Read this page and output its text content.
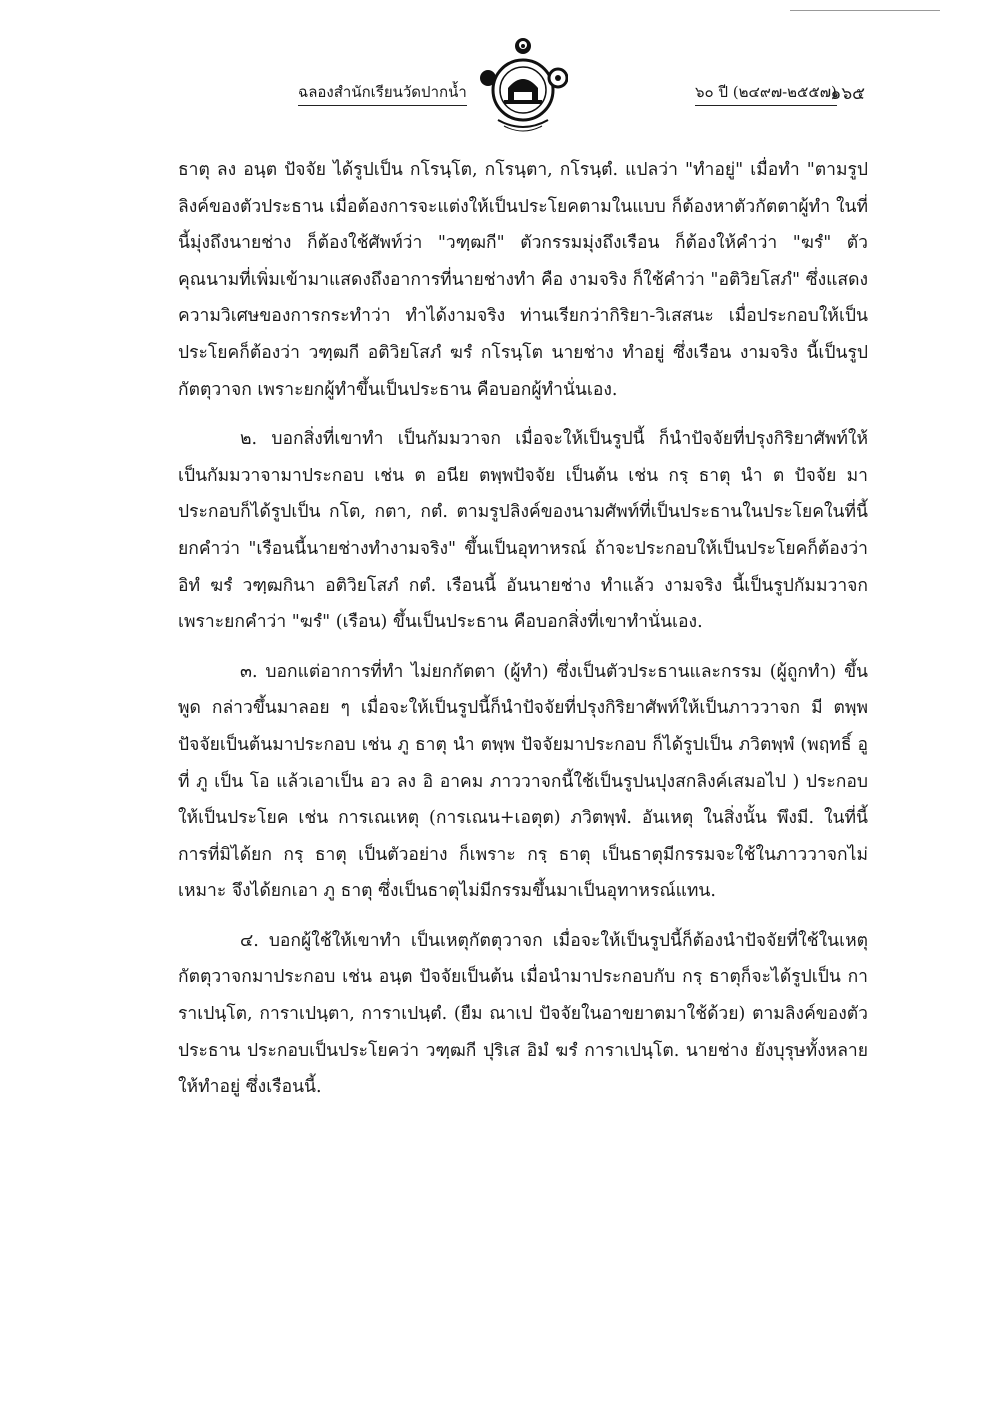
ฉลองสำนักเรียนวัดปากน้ำ	๖๐ ปี (๒๔๙๗-๒๕๕๗)
๑๖๕

ธาตุ ลง อนฺต ปัจจัย ได้รูปเป็น กโรนฺโต, กโรนฺตา, กโรนฺตํ. แปลว่า "ทำอยู่" เมื่อทำ "ตามรูปลิงค์ของตัวประธาน เมื่อต้องการจะแต่งให้เป็นประโยคตามในแบบ ก็ต้องหาตัวกัตตาผู้ทำ ในที่นี้มุ่งถึงนายช่าง ก็ต้องใช้ศัพท์ว่า "วฑฺฒกี" ตัวกรรมมุ่งถึงเรือน ก็ต้องให้คำว่า "ฆรํ" ตัวคุณนามที่เพิ่มเข้ามาแสดงถึงอาการที่นายช่างทำ คือ งามจริง ก็ใช้คำว่า "อติวิยโสภํ" ซึ่งแสดงความวิเศษของการกระทำว่า ทำได้งามจริง ท่านเรียกว่ากิริยา-วิเสสนะ เมื่อประกอบให้เป็นประโยคก็ต้องว่า วฑฺฒกี อติวิยโสภํ ฆรํ กโรนฺโต นายช่าง ทำอยู่ ซึ่งเรือน งามจริง นี้เป็นรูปกัตตุวาจก เพราะยกผู้ทำขึ้นเป็นประธาน คือบอกผู้ทำนั่นเอง.

๒. บอกสิ่งที่เขาทำ เป็นกัมมวาจก เมื่อจะให้เป็นรูปนี้ ก็นำปัจจัยที่ปรุงกิริยาศัพท์ให้เป็นกัมมวาจามาประกอบ เช่น ต อนีย ตพฺพปัจจัย เป็นต้น เช่น กรฺ ธาตุ นำ ต ปัจจัย มาประกอบก็ได้รูปเป็น กโต, กตา, กตํ. ตามรูปลิงค์ของนามศัพท์ที่เป็นประธานในประโยคในที่นี้ยกคำว่า "เรือนนี้นายช่างทำงามจริง" ขึ้นเป็นอุทาหรณ์ ถ้าจะประกอบให้เป็นประโยคก็ต้องว่า อิทํ ฆรํ วฑฺฒกินา อติวิยโสภํ กตํ. เรือนนี้ อันนายช่าง ทำแล้ว งามจริง นี้เป็นรูปกัมมวาจก เพราะยกคำว่า "ฆรํ" (เรือน) ขึ้นเป็นประธาน คือบอกสิ่งที่เขาทำนั่นเอง.

๓. บอกแต่อาการที่ทำ ไม่ยกกัตตา (ผู้ทำ) ซึ่งเป็นตัวประธานและกรรม (ผู้ถูกทำ) ขึ้นพูด กล่าวขึ้นมาลอย ๆ เมื่อจะให้เป็นรูปนี้ก็นำปัจจัยที่ปรุงกิริยาศัพท์ให้เป็นภาววาจก มี ตพฺพ ปัจจัยเป็นต้นมาประกอบ เช่น ภู ธาตุ นำ ตพฺพ ปัจจัยมาประกอบ ก็ได้รูปเป็น ภวิตพฺพํ (พฤทธิ์ อู ที่ ภู เป็น โอ แล้วเอาเป็น อว ลง อิ อาคม ภาววาจกนี้ใช้เป็นรูปนปุงสกลิงค์เสมอไป ) ประกอบให้เป็นประโยค เช่น การเณเหตุ (การเณน+เอตุต) ภวิตพฺพํ. อันเหตุ ในสิ่งนั้น พึงมี. ในที่นี้ การที่มิได้ยก กรฺ ธาตุ เป็นตัวอย่าง ก็เพราะ กรฺ ธาตุ เป็นธาตุมีกรรมจะใช้ในภาววาจกไม่เหมาะ จึงได้ยกเอา ภู ธาตุ ซึ่งเป็นธาตุไม่มีกรรมขึ้นมาเป็นอุทาหรณ์แทน.

๔. บอกผู้ใช้ให้เขาทำ เป็นเหตุกัตตุวาจก เมื่อจะให้เป็นรูปนี้ก็ต้องนำปัจจัยที่ใช้ในเหตุกัตตุวาจกมาประกอบ เช่น อนฺต ปัจจัยเป็นต้น เมื่อนำมาประกอบกับ กรฺ ธาตุก็จะได้รูปเป็น การาเปนฺโต, การาเปนฺตา, การาเปนฺตํ. (ยืม ณาเป ปัจจัยในอาขยาตมาใช้ด้วย) ตามลิงค์ของตัวประธาน ประกอบเป็นประโยคว่า วฑฺฒกี ปุริเส อิมํ ฆรํ การาเปนฺโต. นายช่าง ยังบุรุษทั้งหลาย ให้ทำอยู่ ซึ่งเรือนนี้.
